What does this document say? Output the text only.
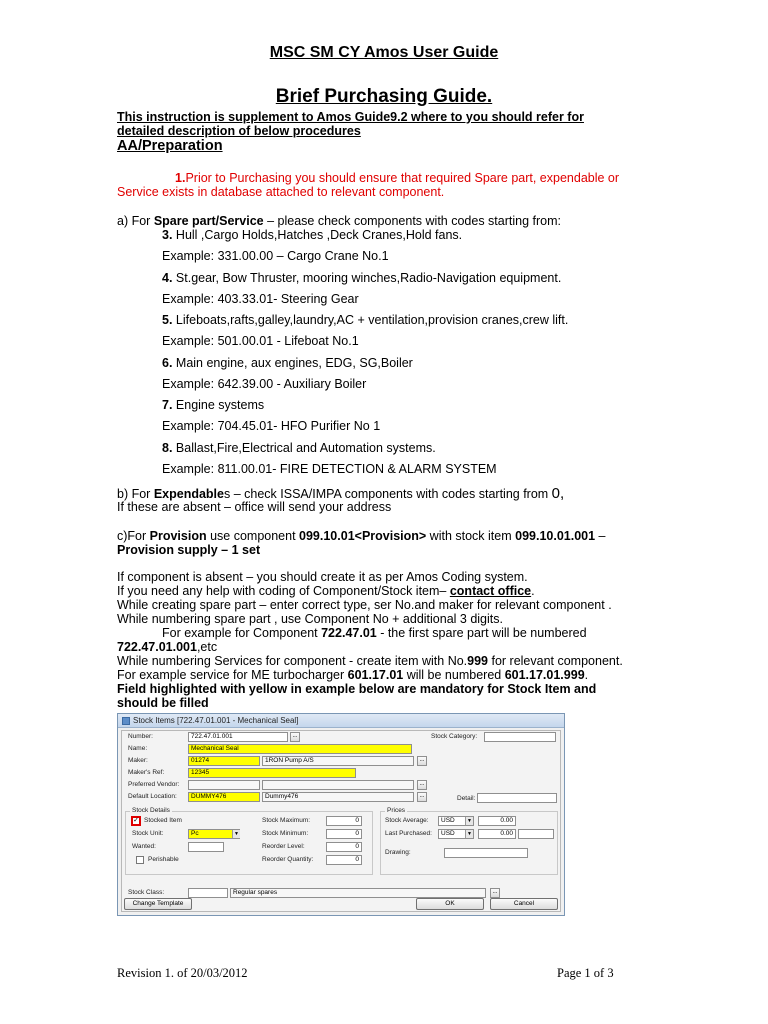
MSC SM CY Amos User Guide
Brief Purchasing Guide.
This instruction is supplement to Amos Guide9.2 where to you should refer for
detailed description of below procedures
AA/Preparation
1.Prior to Purchasing you should ensure that required Spare part, expendable or
Service exists in database attached to relevant component.
a) For Spare part/Service – please check components with codes starting from:
3. Hull ,Cargo Holds,Hatches ,Deck Cranes,Hold fans.
Example: 331.00.00 – Cargo Crane No.1
4. St.gear, Bow Thruster, mooring winches,Radio-Navigation equipment.
Example: 403.33.01- Steering Gear
5. Lifeboats,rafts,galley,laundry,AC + ventilation,provision cranes,crew lift.
Example: 501.00.01 - Lifeboat No.1
6. Main engine, aux engines, EDG, SG,Boiler
Example: 642.39.00 - Auxiliary Boiler
7. Engine systems
Example: 704.45.01- HFO Purifier No 1
8. Ballast,Fire,Electrical and Automation systems.
Example: 811.00.01- FIRE DETECTION & ALARM SYSTEM
b) For Expendables – check ISSA/IMPA components with codes starting from 0,
If these are absent – office will send your address
c)For Provision use component 099.10.01<Provision> with stock item 099.10.01.001 –
Provision supply – 1 set
If component is absent – you should create it as per Amos Coding system.
If you need any help with coding of Component/Stock item– contact office.
While creating spare part – enter correct type, ser No.and maker for relevant component .
While numbering spare part , use Component No + additional 3 digits.
For example for Component 722.47.01 - the first spare part will be numbered
722.47.01.001,etc
While numbering Services for component - create item with No.999 for relevant component.
For example service for ME turbocharger 601.17.01 will be numbered 601.17.01.999.
Field highlighted with yellow in example below are mandatory for Stock Item and
should be filled
Stock Items [722.47.01.001 - Mechanical Seal]
Number:	722.47.01.001	...
Name:	Mechanical Seal
Maker:	01274	1RON Pump A/S	...
Maker's Ref:	12345
Preferred Vendor:	...
Default Location:	DUMMY476	Dummy476	...
Stock Category:
Detail:
Stock Details
✓ Stocked Item
Stock Unit:	Pc	▼
Wanted:
Perishable
Stock Maximum:	0
Stock Minimum:	0
Reorder Level:	0
Reorder Quantity:	0
Prices
Stock Average:	USD	▼	0.00
Last Purchased:	USD	▼	0.00
Drawing:
Stock Class:	Regular spares	...
Change Template	OK	Cancel
Revision 1. of 20/03/2012	Page 1 of 3
